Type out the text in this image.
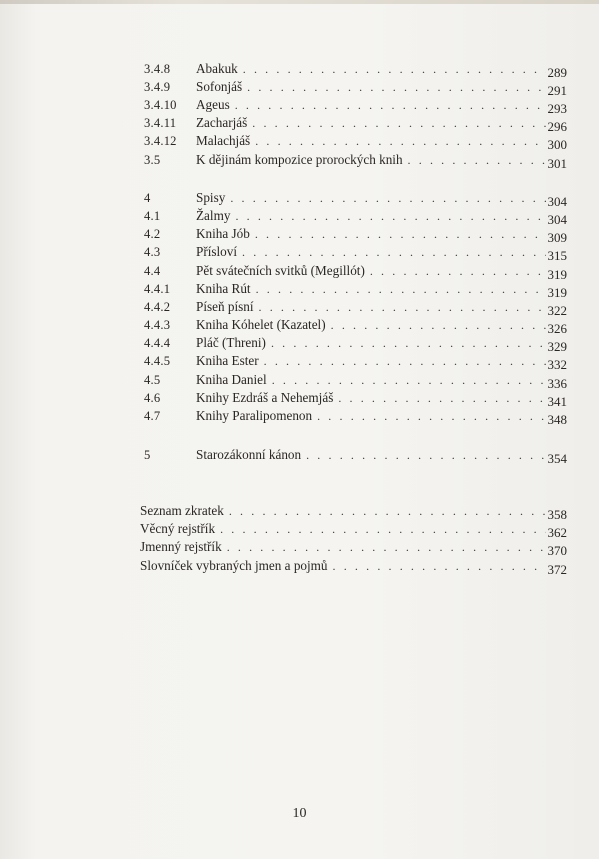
3.4.8	Abakuk . . .	289
3.4.9	Sofonjáš . . .	291
3.4.10	Ageus . . .	293
3.4.11	Zacharjáš . . .	296
3.4.12	Malachjáš . . .	300
3.5	K dějinám kompozice prorockých knih . . .	301
4	Spisy . . .	304
4.1	Žalmy . . .	304
4.2	Kniha Jób . . .	309
4.3	Přísloví . . .	315
4.4	Pět svátečních svitků (Megillót) . . .	319
4.4.1	Kniha Rút . . .	319
4.4.2	Píseň písní . . .	322
4.4.3	Kniha Kóhelet (Kazatel) . . .	326
4.4.4	Pláč (Threni) . . .	329
4.4.5	Kniha Ester . . .	332
4.5	Kniha Daniel . . .	336
4.6	Knihy Ezdráš a Nehemjáš . . .	341
4.7	Knihy Paralipomenon . . .	348
5	Starozákonní kánon . . .	354
Seznam zkratek . . .	358
Věcný rejstřík . . .	362
Jmenný rejstřík . . .	370
Slovníček vybraných jmen a pojmů . . .	372
10
